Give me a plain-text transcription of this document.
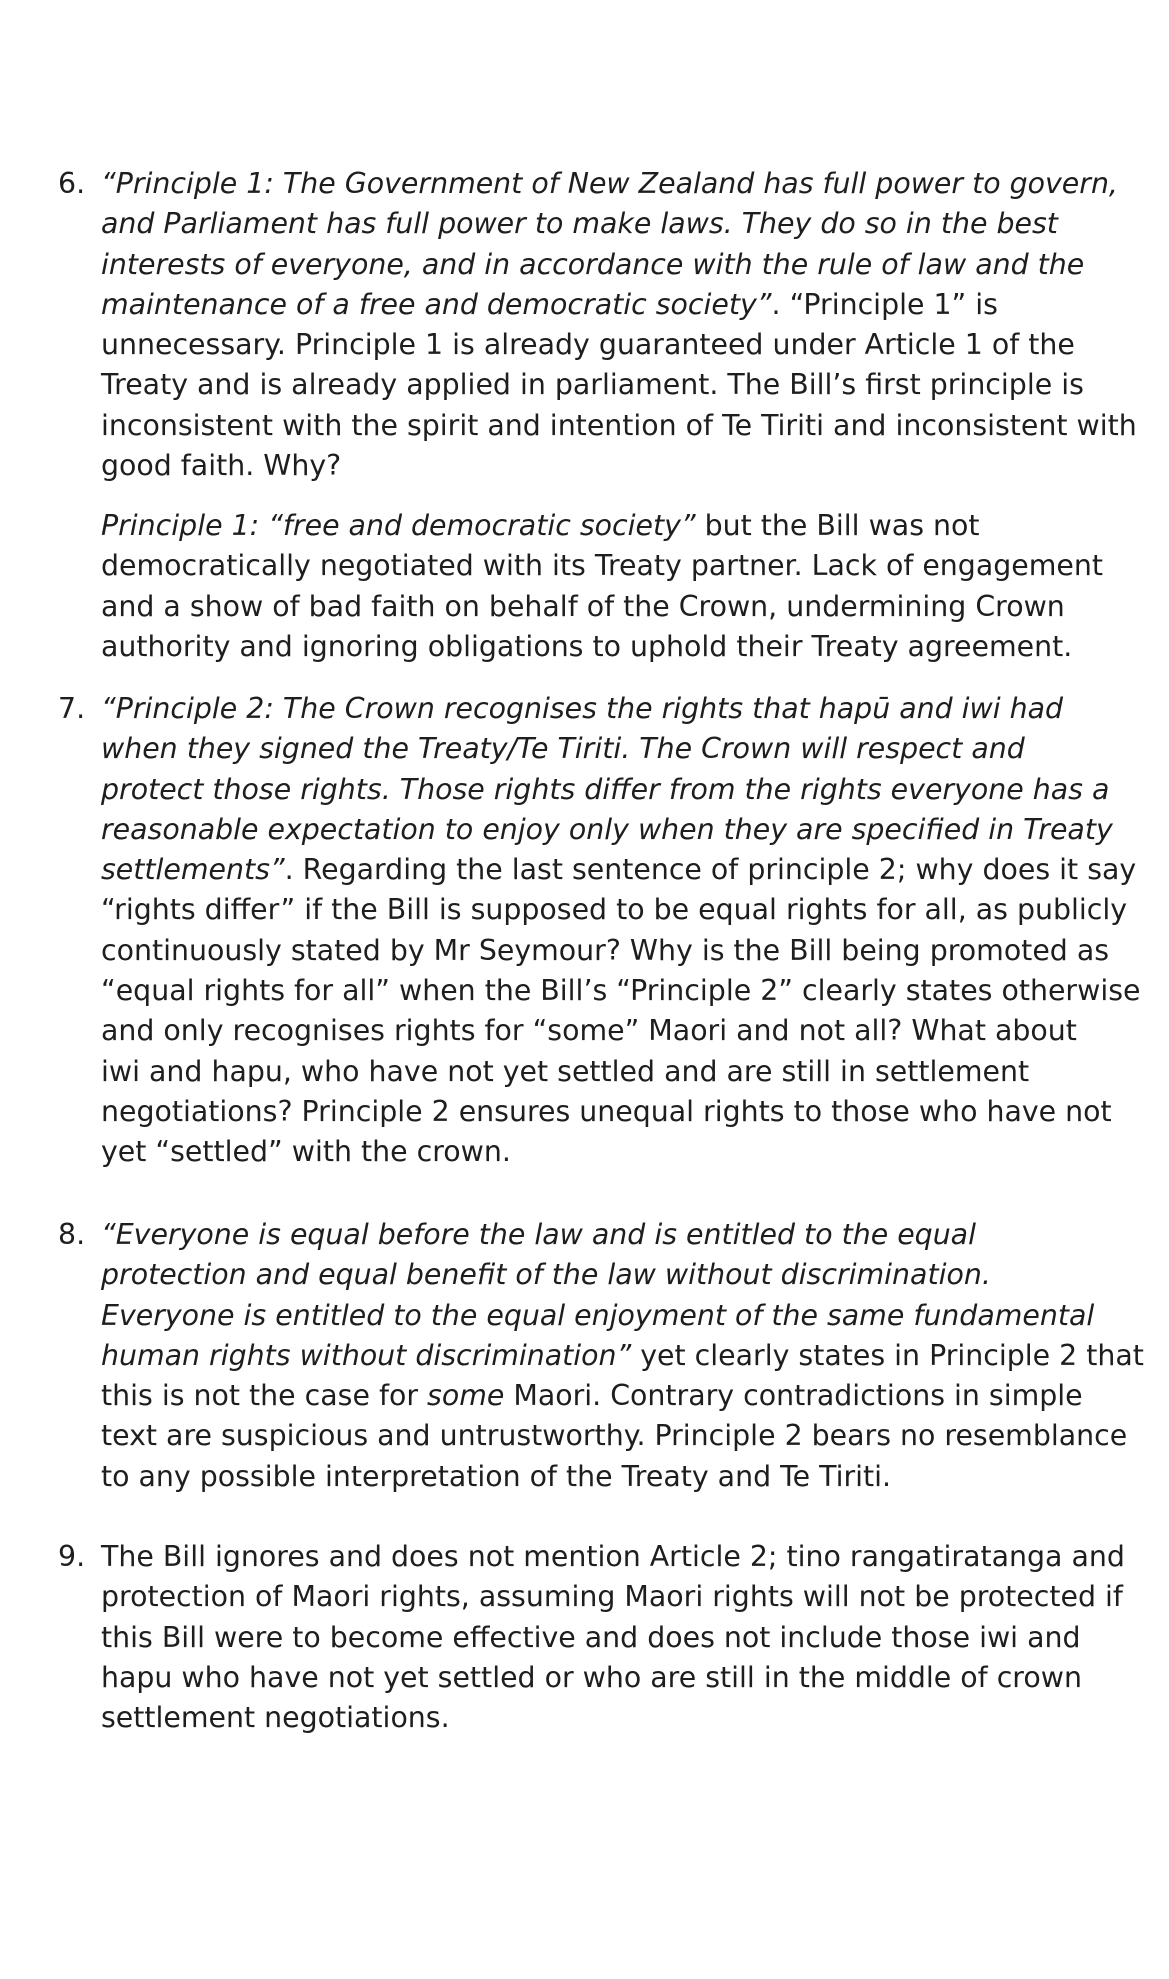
6. “Principle 1: The Government of New Zealand has full power to govern,
and Parliament has full power to make laws. They do so in the best
interests of everyone, and in accordance with the rule of law and the
maintenance of a free and democratic society”. “Principle 1” is
unnecessary. Principle 1 is already guaranteed under Article 1 of the
Treaty and is already applied in parliament. The Bill’s first principle is
inconsistent with the spirit and intention of Te Tiriti and inconsistent with
good faith. Why?
Principle 1: “free and democratic society” but the Bill was not
democratically negotiated with its Treaty partner. Lack of engagement
and a show of bad faith on behalf of the Crown, undermining Crown
authority and ignoring obligations to uphold their Treaty agreement.
7. “Principle 2: The Crown recognises the rights that hapū and iwi had
when they signed the Treaty/Te Tiriti. The Crown will respect and
protect those rights. Those rights differ from the rights everyone has a
reasonable expectation to enjoy only when they are specified in Treaty
settlements”. Regarding the last sentence of principle 2; why does it say
“rights differ” if the Bill is supposed to be equal rights for all, as publicly
continuously stated by Mr Seymour? Why is the Bill being promoted as
“equal rights for all” when the Bill’s “Principle 2” clearly states otherwise
and only recognises rights for “some” Maori and not all? What about
iwi and hapu, who have not yet settled and are still in settlement
negotiations? Principle 2 ensures unequal rights to those who have not
yet “settled” with the crown.
8. “Everyone is equal before the law and is entitled to the equal
protection and equal benefit of the law without discrimination.
Everyone is entitled to the equal enjoyment of the same fundamental
human rights without discrimination” yet clearly states in Principle 2 that
this is not the case for some Maori. Contrary contradictions in simple
text are suspicious and untrustworthy. Principle 2 bears no resemblance
to any possible interpretation of the Treaty and Te Tiriti.
9. The Bill ignores and does not mention Article 2; tino rangatiratanga and
protection of Maori rights, assuming Maori rights will not be protected if
this Bill were to become effective and does not include those iwi and
hapu who have not yet settled or who are still in the middle of crown
settlement negotiations.
